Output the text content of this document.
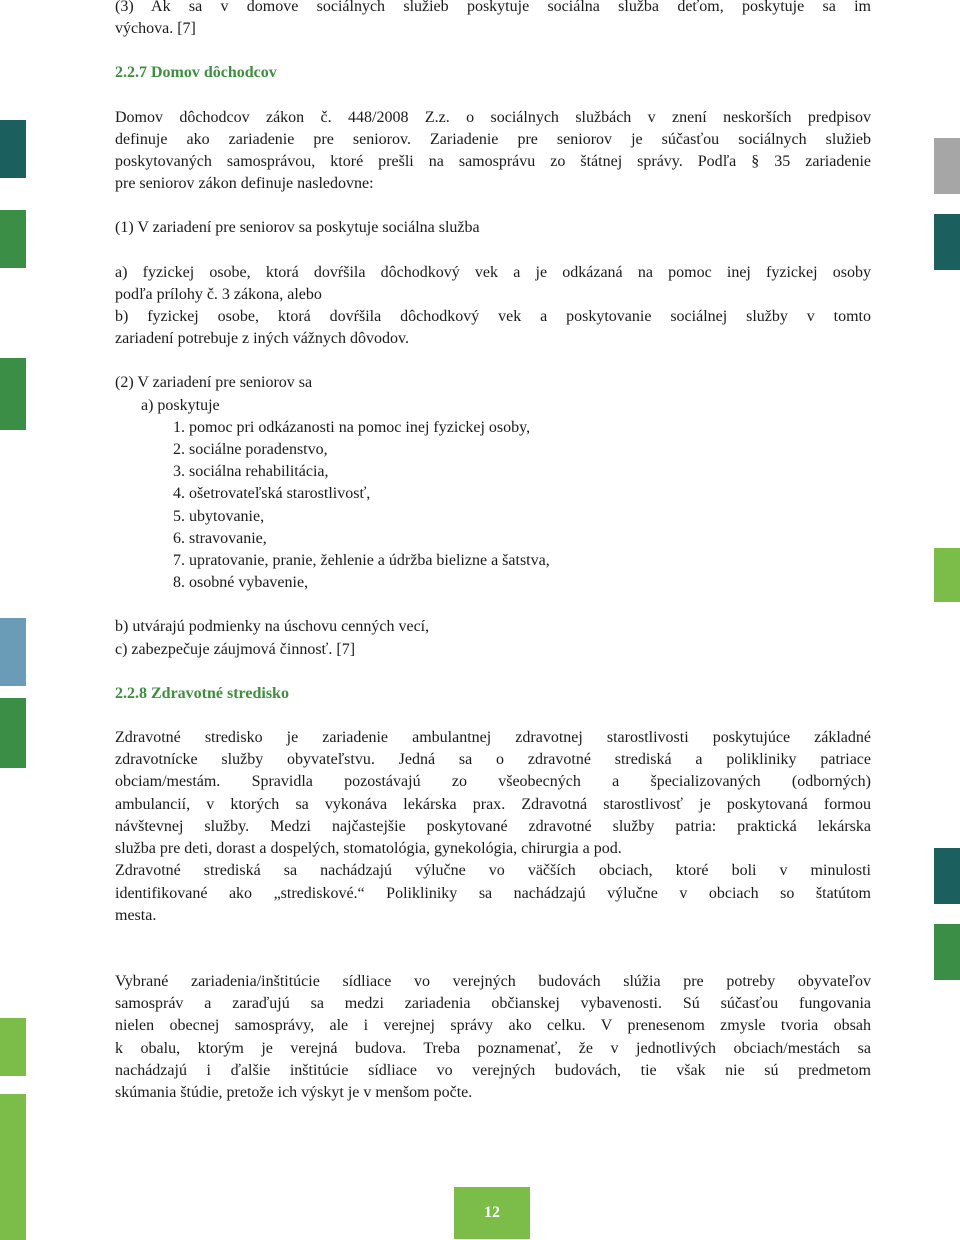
(3) Ak sa v domove sociálnych služieb poskytuje sociálna služba deťom, poskytuje sa im

výchova. [7]

2.2.7 Domov dôchodcov

Domov dôchodcov zákon č. 448/2008 Z.z. o sociálnych službách v znení neskorších predpisov

definuje ako zariadenie pre seniorov. Zariadenie pre seniorov je súčasťou sociálnych služieb

poskytovaných samosprávou, ktoré prešli na samosprávu zo štátnej správy. Podľa § 35 zariadenie

pre seniorov zákon definuje nasledovne:

(1) V zariadení pre seniorov sa poskytuje sociálna služba

a) fyzickej osobe, ktorá dovŕšila dôchodkový vek a je odkázaná na pomoc inej fyzickej osoby

podľa prílohy č. 3 zákona, alebo

b) fyzickej osobe, ktorá dovŕšila dôchodkový vek a poskytovanie sociálnej služby v tomto

zariadení potrebuje z iných vážnych dôvodov.

(2) V zariadení pre seniorov sa

a) poskytuje

1. pomoc pri odkázanosti na pomoc inej fyzickej osoby,

2. sociálne poradenstvo,

3. sociálna rehabilitácia,

4. ošetrovateľská starostlivosť,

5. ubytovanie,

6. stravovanie,

7. upratovanie, pranie, žehlenie a údržba bielizne a šatstva,

8. osobné vybavenie,

b) utvárajú podmienky na úschovu cenných vecí,

c) zabezpečuje záujmová činnosť. [7]

2.2.8 Zdravotné stredisko

Zdravotné stredisko je zariadenie ambulantnej zdravotnej starostlivosti poskytujúce základné

zdravotnícke služby obyvateľstvu. Jedná sa o zdravotné strediská a polikliniky patriace

obciam/mestám. Spravidla pozostávajú zo všeobecných a špecializovaných (odborných)

ambulancií, v ktorých sa vykonáva lekárska prax. Zdravotná starostlivosť je poskytovaná formou

návštevnej služby. Medzi najčastejšie poskytované zdravotné služby patria: praktická lekárska

služba pre deti, dorast a dospelých, stomatológia, gynekológia, chirurgia a pod.

Zdravotné strediská sa nachádzajú výlučne vo väčších obciach, ktoré boli v minulosti

identifikované ako „strediskové.“ Polikliniky sa nachádzajú výlučne v obciach so štatútom

mesta.

Vybrané zariadenia/inštitúcie sídliace vo verejných budovách slúžia pre potreby obyvateľov

samospráv a zaraďujú sa medzi zariadenia občianskej vybavenosti. Sú súčasťou fungovania

nielen obecnej samosprávy, ale i verejnej správy ako celku. V prenesenom zmysle tvoria obsah

k obalu, ktorým je verejná budova. Treba poznamenať, že v jednotlivých obciach/mestách sa

nachádzajú i ďalšie inštitúcie sídliace vo verejných budovách, tie však nie sú predmetom

skúmania štúdie, pretože ich výskyt je v menšom počte.

12
